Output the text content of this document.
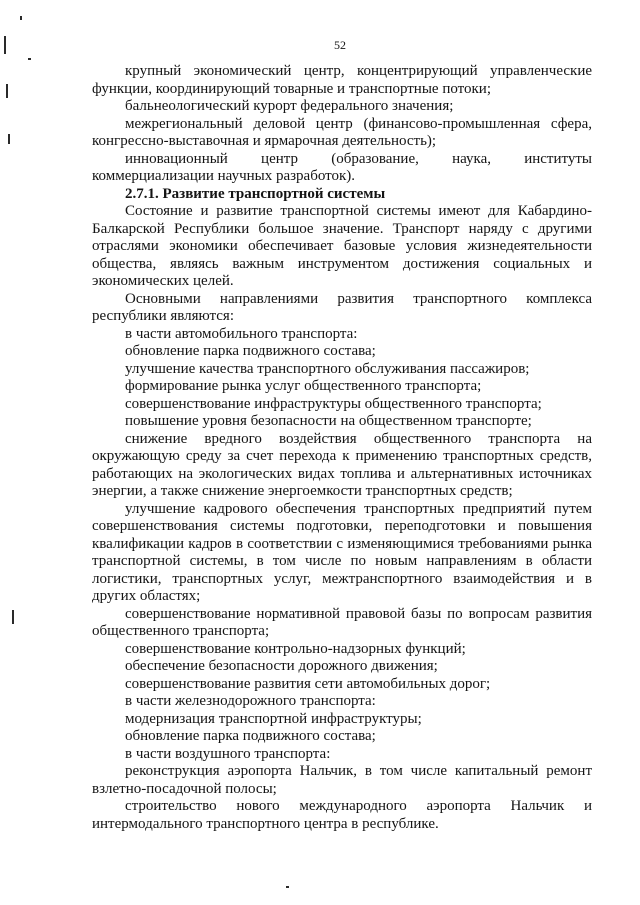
52

крупный экономический центр, концентрирующий управленческие функции, координирующий товарные и транспортные потоки;

бальнеологический курорт федерального значения;

межрегиональный деловой центр (финансово-промышленная сфера, конгрессно-выставочная и ярмарочная деятельность);

инновационный центр (образование, наука, институты коммерциализации научных разработок).

2.7.1. Развитие транспортной системы

Состояние и развитие транспортной системы имеют для Кабардино-Балкарской Республики большое значение. Транспорт наряду с другими отраслями экономики обеспечивает базовые условия жизнедеятельности общества, являясь важным инструментом достижения социальных и экономических целей.

Основными направлениями развития транспортного комплекса республики являются:

в части автомобильного транспорта:

обновление парка подвижного состава;

улучшение качества транспортного обслуживания пассажиров;

формирование рынка услуг общественного транспорта;

совершенствование инфраструктуры общественного транспорта;

повышение уровня безопасности на общественном транспорте;

снижение вредного воздействия общественного транспорта на окружающую среду за счет перехода к применению транспортных средств, работающих на экологических видах топлива и альтернативных источниках энергии, а также снижение энергоемкости транспортных средств;

улучшение кадрового обеспечения транспортных предприятий путем совершенствования системы подготовки, переподготовки и повышения квалификации кадров в соответствии с изменяющимися требованиями рынка транспортной системы, в том числе по новым направлениям в области логистики, транспортных услуг, межтранспортного взаимодействия и в других областях;

совершенствование нормативной правовой базы по вопросам развития общественного транспорта;

совершенствование контрольно-надзорных функций;

обеспечение безопасности дорожного движения;

совершенствование развития сети автомобильных дорог;

в части железнодорожного транспорта:

модернизация транспортной инфраструктуры;

обновление парка подвижного состава;

в части воздушного транспорта:

реконструкция аэропорта Нальчик, в том числе капитальный ремонт взлетно-посадочной полосы;

строительство нового международного аэропорта Нальчик и интермодального транспортного центра в республике.
